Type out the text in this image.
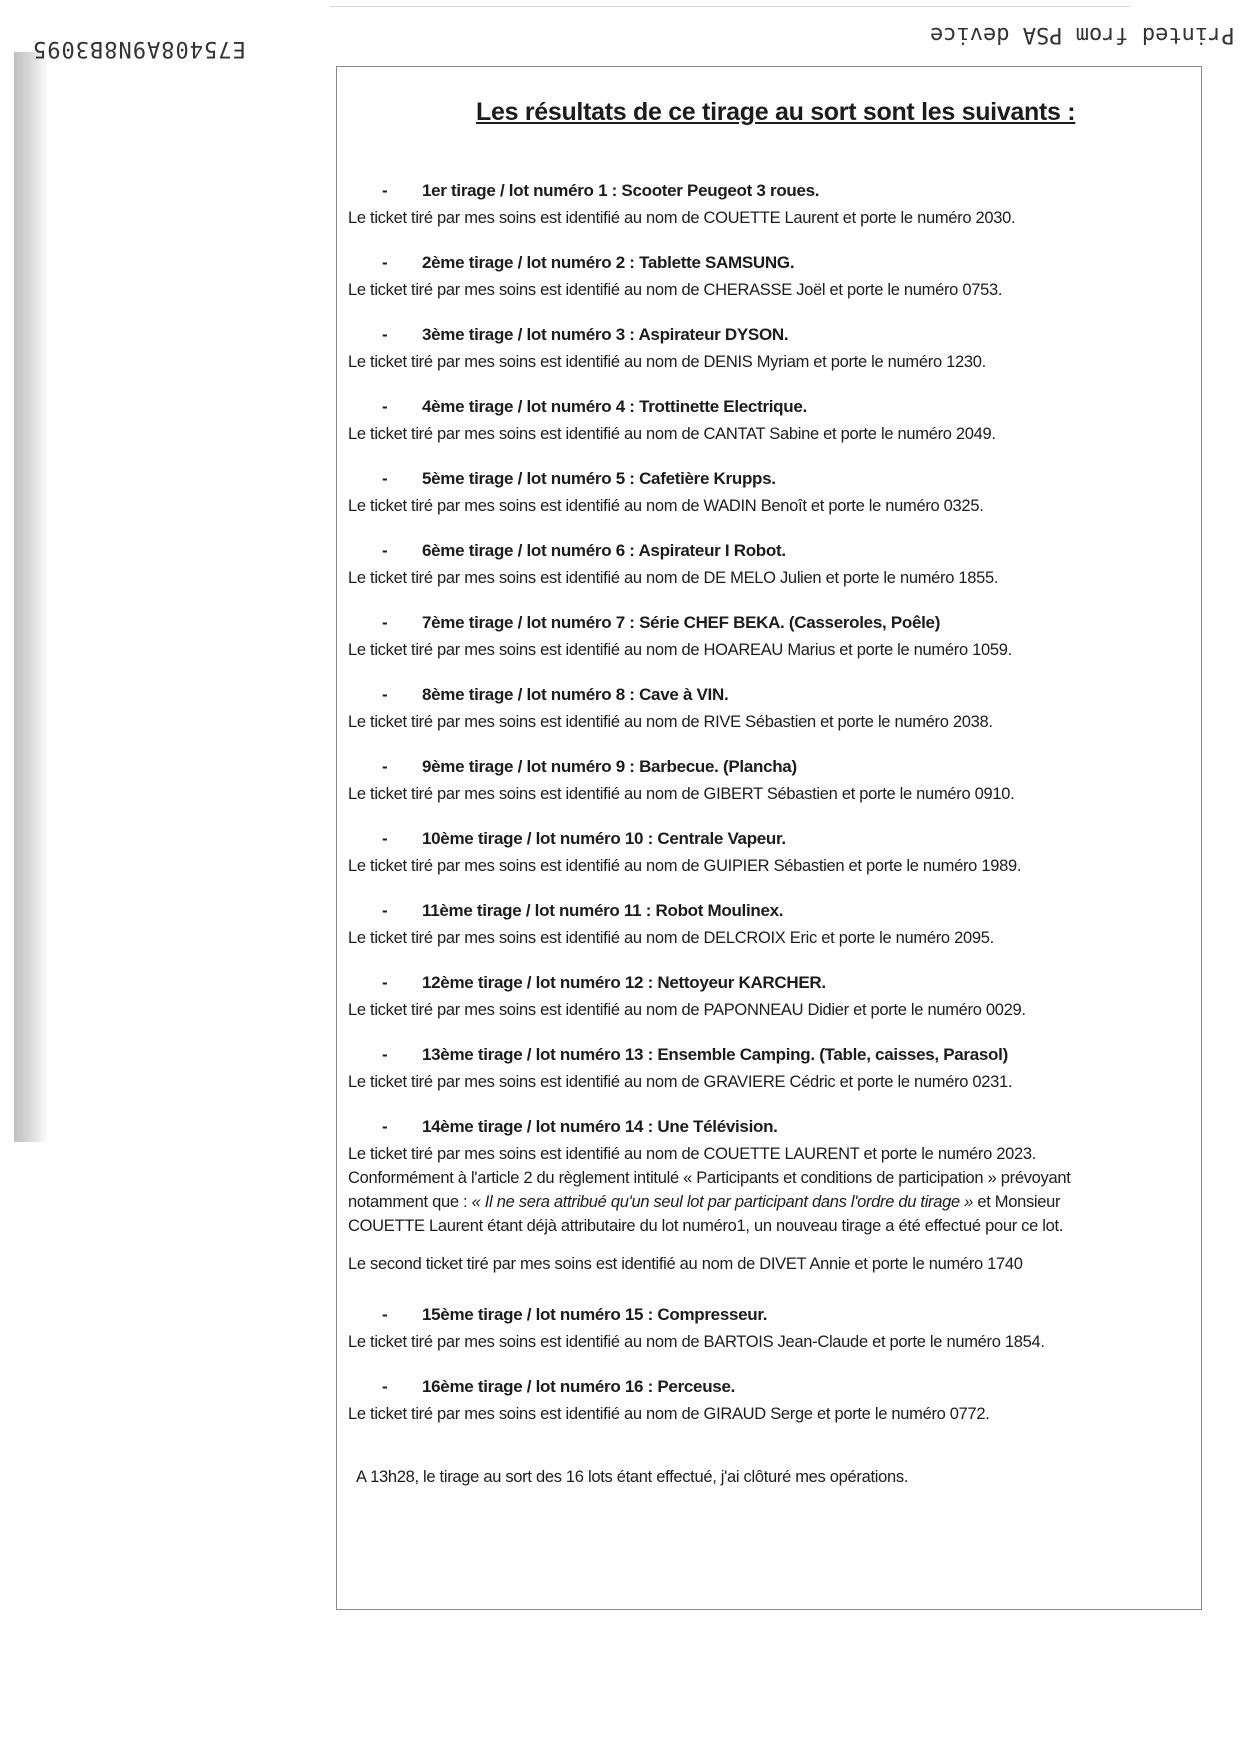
E75408A9N8B3095
Printed from PSA device
Les résultats de ce tirage au sort sont les suivants :
- 1er tirage / lot numéro 1 : Scooter Peugeot 3 roues.
Le ticket tiré par mes soins est identifié au nom de COUETTE Laurent et porte le numéro 2030.
- 2ème tirage / lot numéro 2 : Tablette SAMSUNG.
Le ticket tiré par mes soins est identifié au nom de CHERASSE Joël et porte le numéro 0753.
- 3ème tirage / lot numéro 3 : Aspirateur DYSON.
Le ticket tiré par mes soins est identifié au nom de DENIS Myriam et porte le numéro 1230.
- 4ème tirage / lot numéro 4 : Trottinette Electrique.
Le ticket tiré par mes soins est identifié au nom de CANTAT Sabine et porte le numéro 2049.
- 5ème tirage / lot numéro 5 : Cafetière Krupps.
Le ticket tiré par mes soins est identifié au nom de WADIN Benoît et porte le numéro 0325.
- 6ème tirage / lot numéro 6 : Aspirateur I Robot.
Le ticket tiré par mes soins est identifié au nom de DE MELO Julien et porte le numéro 1855.
- 7ème tirage / lot numéro 7 : Série CHEF BEKA. (Casseroles, Poêle)
Le ticket tiré par mes soins est identifié au nom de HOAREAU Marius et porte le numéro 1059.
- 8ème tirage / lot numéro 8 : Cave à VIN.
Le ticket tiré par mes soins est identifié au nom de RIVE Sébastien et porte le numéro 2038.
- 9ème tirage / lot numéro 9 : Barbecue. (Plancha)
Le ticket tiré par mes soins est identifié au nom de GIBERT Sébastien et porte le numéro 0910.
- 10ème tirage / lot numéro 10 : Centrale Vapeur.
Le ticket tiré par mes soins est identifié au nom de GUIPIER Sébastien et porte le numéro 1989.
- 11ème tirage / lot numéro 11 : Robot Moulinex.
Le ticket tiré par mes soins est identifié au nom de DELCROIX Eric et porte le numéro 2095.
- 12ème tirage / lot numéro 12 : Nettoyeur KARCHER.
Le ticket tiré par mes soins est identifié au nom de PAPONNEAU Didier et porte le numéro 0029.
- 13ème tirage / lot numéro 13 : Ensemble Camping. (Table, caisses, Parasol)
Le ticket tiré par mes soins est identifié au nom de GRAVIERE Cédric et porte le numéro 0231.
- 14ème tirage / lot numéro 14 : Une Télévision.
Le ticket tiré par mes soins est identifié au nom de COUETTE LAURENT et porte le numéro 2023.
Conformément à l'article 2 du règlement intitulé « Participants et conditions de participation » prévoyant
notamment que : « Il ne sera attribué qu'un seul lot par participant dans l'ordre du tirage » et Monsieur
COUETTE Laurent étant déjà attributaire du lot numéro1, un nouveau tirage a été effectué pour ce lot.
Le second ticket tiré par mes soins est identifié au nom de DIVET Annie et porte le numéro 1740
- 15ème tirage / lot numéro 15 : Compresseur.
Le ticket tiré par mes soins est identifié au nom de BARTOIS Jean-Claude et porte le numéro 1854.
- 16ème tirage / lot numéro 16 : Perceuse.
Le ticket tiré par mes soins est identifié au nom de GIRAUD Serge et porte le numéro 0772.
A 13h28, le tirage au sort des 16 lots étant effectué, j'ai clôturé mes opérations.
